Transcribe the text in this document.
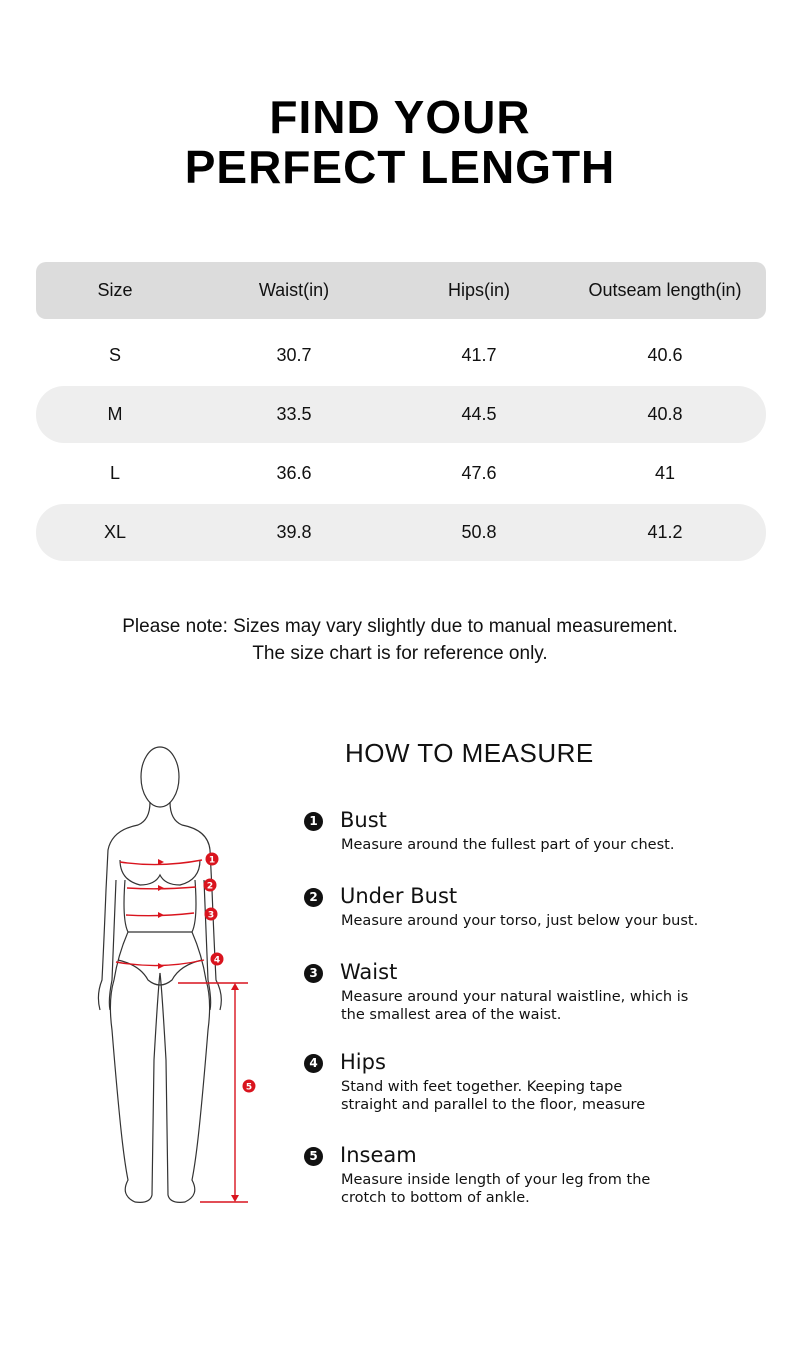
FIND YOUR
PERFECT LENGTH
Size	Waist(in)	Hips(in)	Outseam length(in)
S	30.7	41.7	40.6
M	33.5	44.5	40.8
L	36.6	47.6	41
XL	39.8	50.8	41.2
Please note: Sizes may vary slightly due to manual measurement.
The size chart is for reference only.
1
2
3
4
5
HOW TO MEASURE
1 Bust
Measure around the fullest part of your chest.
2 Under Bust
Measure around your torso, just below your bust.
3 Waist
Measure around your natural waistline, which is the smallest area of the waist.
4 Hips
Stand with feet together. Keeping tape straight and parallel to the floor, measure
5 Inseam
Measure inside length of your leg from the crotch to bottom of ankle.
